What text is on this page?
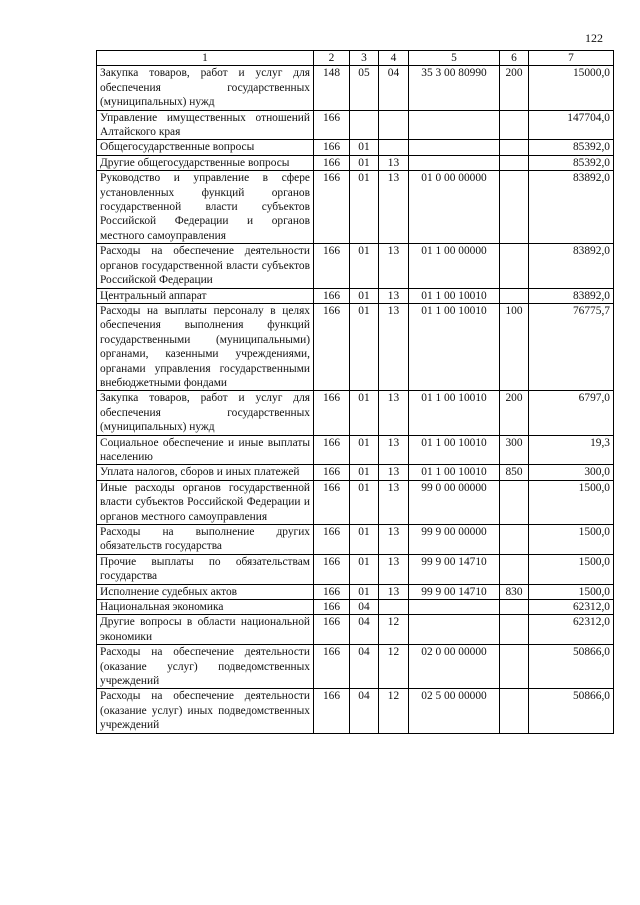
122
1	2	3	4	5	6	7
Закупка товаров, работ и услуг для обеспечения государственных (муниципальных) нужд	148	05	04	35 3 00 80990	200	15000,0
Управление имущественных отношений Алтайского края	166					147704,0
Общегосударственные вопросы	166	01				85392,0
Другие общегосударственные вопросы	166	01	13			85392,0
Руководство и управление в сфере установленных функций органов государственной власти субъектов Российской Федерации и органов местного самоуправления	166	01	13	01 0 00 00000		83892,0
Расходы на обеспечение деятельности органов государственной власти субъектов Российской Федерации	166	01	13	01 1 00 00000		83892,0
Центральный аппарат	166	01	13	01 1 00 10010		83892,0
Расходы на выплаты персоналу в целях обеспечения выполнения функций государственными (муниципальными) органами, казенными учреждениями, органами управления государственными внебюджетными фондами	166	01	13	01 1 00 10010	100	76775,7
Закупка товаров, работ и услуг для обеспечения государственных (муниципальных) нужд	166	01	13	01 1 00 10010	200	6797,0
Социальное обеспечение и иные выплаты населению	166	01	13	01 1 00 10010	300	19,3
Уплата налогов, сборов и иных платежей	166	01	13	01 1 00 10010	850	300,0
Иные расходы органов государственной власти субъектов Российской Федерации и органов местного самоуправления	166	01	13	99 0 00 00000		1500,0
Расходы на выполнение других обязательств государства	166	01	13	99 9 00 00000		1500,0
Прочие выплаты по обязательствам государства	166	01	13	99 9 00 14710		1500,0
Исполнение судебных актов	166	01	13	99 9 00 14710	830	1500,0
Национальная экономика	166	04				62312,0
Другие вопросы в области национальной экономики	166	04	12			62312,0
Расходы на обеспечение деятельности (оказание услуг) подведомственных учреждений	166	04	12	02 0 00 00000		50866,0
Расходы на обеспечение деятельности (оказание услуг) иных подведомственных учреждений	166	04	12	02 5 00 00000		50866,0
